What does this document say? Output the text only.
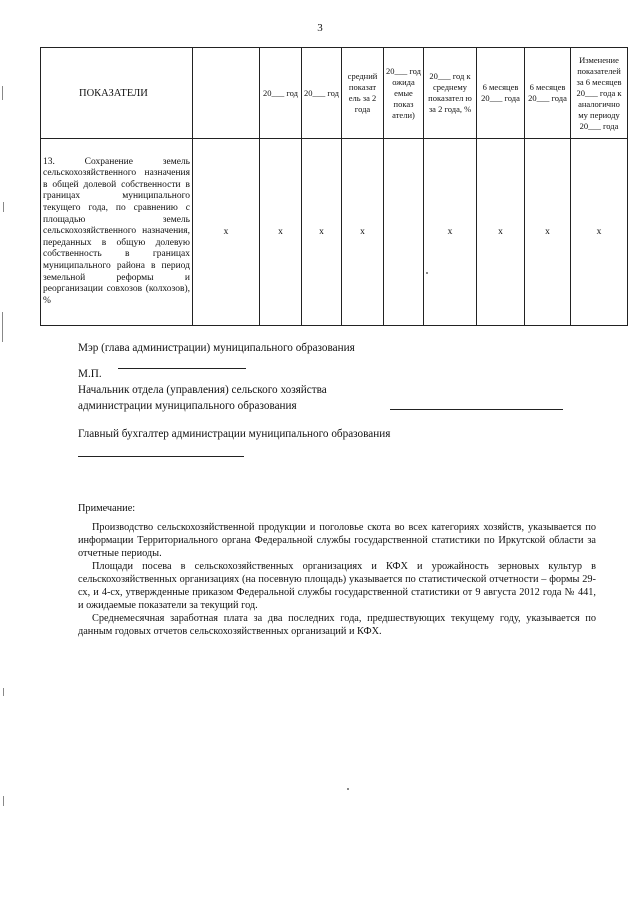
3
ПОКАЗАТЕЛИ		20___ год	20___ год	средний показат ель за 2 года	20___ год ожида емые показ атели)	20___ год к среднему показател ю за 2 года, %	6 месяцев 20___ года	6 месяцев 20___ года	Изменение показателей за 6 месяцев 20___ года к аналогично му периоду 20___ года
13. Сохранение земель сельскохозяйственного назначения в общей долевой собственности в границах муниципального текущего года, по сравнению с площадью земель сельскохозяйственного назначения, переданных в общую долевую собственность в границах муниципального района в период земельной реформы и реорганизации совхозов (колхозов), %	x	x	x	x		x	x	x	x
Мэр (глава администрации) муниципального образования
М.П.
Начальник отдела (управления) сельского хозяйства
администрации муниципального образования
Главный бухгалтер администрации муниципального образования

Примечание:

Производство сельскохозяйственной продукции и поголовье скота во всех категориях хозяйств, указывается по информации Территориального органа Федеральной службы государственной статистики по Иркутской области за отчетные периоды.

Площади посева в сельскохозяйственных организациях и КФХ и урожайность зерновых культур в сельскохозяйственных организациях (на посевную площадь) указывается по статистической отчетности – формы 29-сх, и 4-сх, утвержденные приказом Федеральной службы государственной статистики от 9 августа 2012 года № 441, и ожидаемые показатели за текущий год.

Среднемесячная заработная плата за два последних года, предшествующих текущему году, указывается по данным годовых отчетов сельскохозяйственных организаций и КФХ.
